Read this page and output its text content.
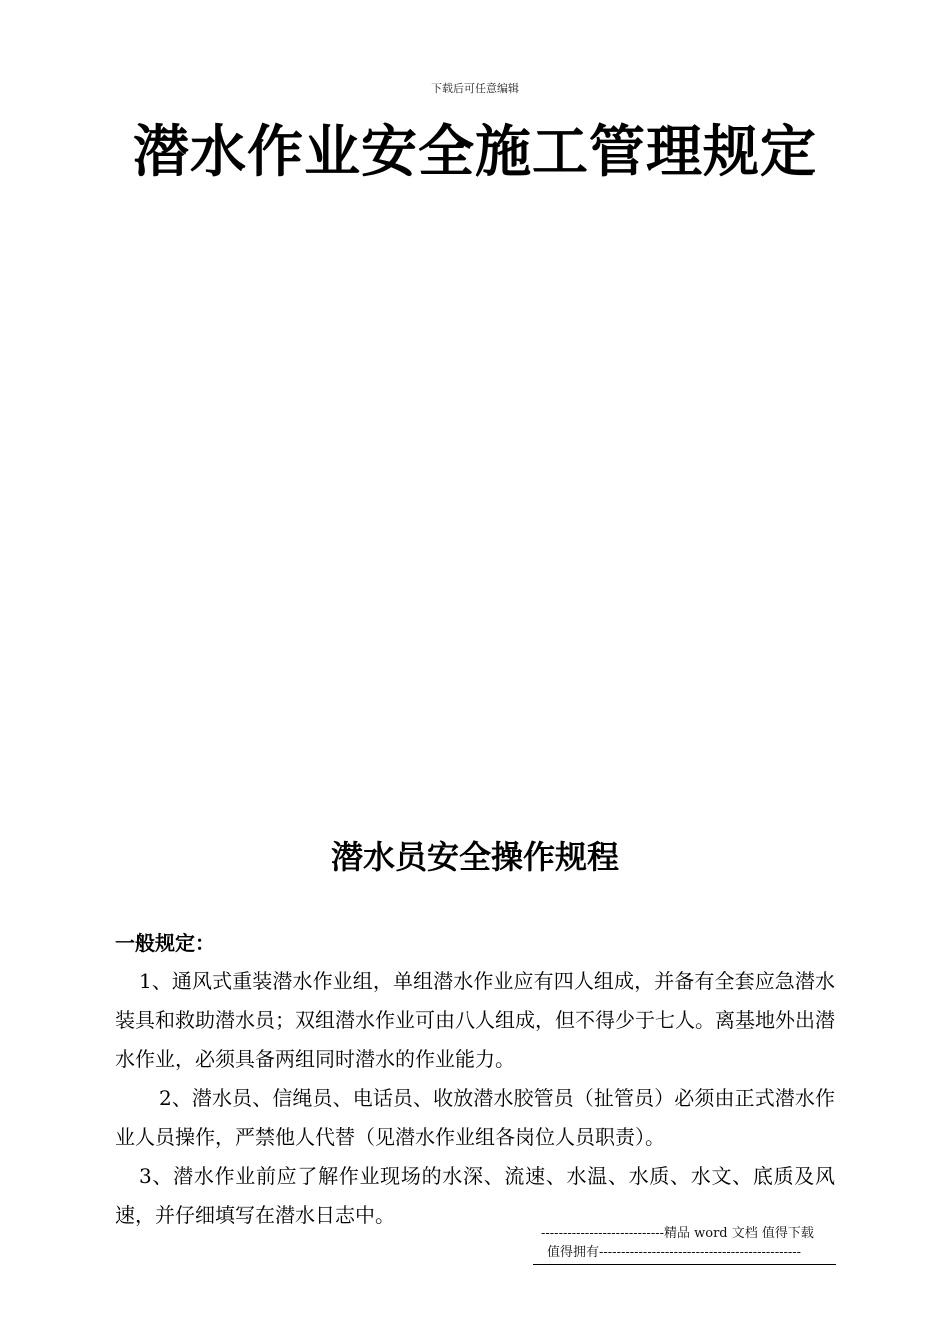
下载后可任意编辑
潜水作业安全施工管理规定
潜水员安全操作规程
一般规定：

1、通风式重装潜水作业组，单组潜水作业应有四人组成，并备有全套应急潜水装具和救助潜水员；双组潜水作业可由八人组成，但不得少于七人。离基地外出潜水作业，必须具备两组同时潜水的作业能力。

2、潜水员、信绳员、电话员、收放潜水胶管员（扯管员）必须由正式潜水作业人员操作，严禁他人代替（见潜水作业组各岗位人员职责）。

3、潜水作业前应了解作业现场的水深、流速、水温、水质、水文、底质及风速，并仔细填写在潜水日志中。

----------------------------精品 word 文档 值得下载
值得拥有----------------------------------------------
